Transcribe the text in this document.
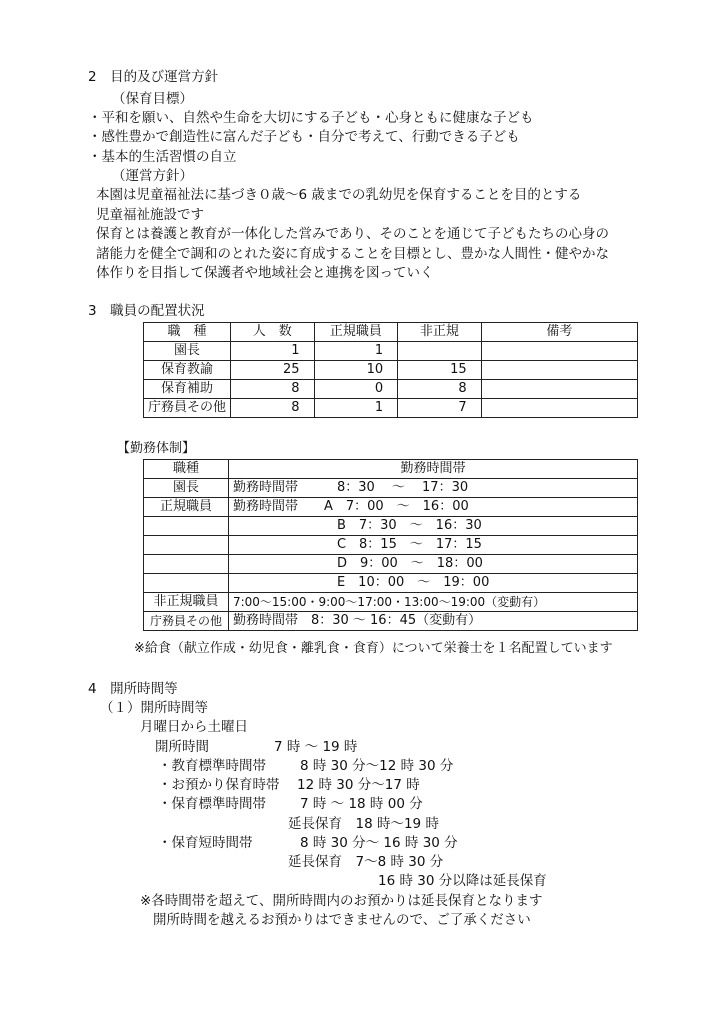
2　目的及び運営方針
（保育目標）
・平和を願い、自然や生命を大切にする子ども・心身ともに健康な子ども
・感性豊かで創造性に富んだ子ども・自分で考えて、行動できる子ども
・基本的生活習慣の自立
（運営方針）
本園は児童福祉法に基づき０歳～6 歳までの乳幼児を保育することを目的とする
児童福祉施設です
保育とは養護と教育が一体化した営みであり、そのことを通じて子どもたちの心身の
諸能力を健全で調和のとれた姿に育成することを目標とし、豊かな人間性・健やかな
体作りを目指して保護者や地域社会と連携を図っていく
3　職員の配置状況
職　種	人　数	正規職員	非正規	備考
園長	1	1		
保育教諭	25	10	15	
保育補助	8	0	8	
庁務員その他	8	1	7	
【勤務体制】
職種	勤務時間帯
園長	勤務時間帯　　　8：30　 ～　 17：30
正規職員	勤務時間帯　　A　7：00　～　16：00
	　　　　　　　　B　7：30　～　16：30
	　　　　　　　　C　8：15　～　17：15
	　　　　　　　　D　9：00　～　18：00
	　　　　　　　　E　10：00　～　19：00
非正規職員	7:00～15:00・9:00～17:00・13:00～19:00（変動有）
庁務員その他	勤務時間帯　8：30 ～ 16：45（変動有）
※給食（献立作成・幼児食・離乳食・食育）について栄養士を１名配置しています
4　開所時間等
（１）開所時間等
月曜日から土曜日
開所時間	7 時 ～ 19 時
・教育標準時間帯	8 時 30 分～12 時 30 分
・お預かり保育時帯 12 時 30 分～17 時
・保育標準時間帯	7 時 ～ 18 時 00 分
延長保育　18 時～19 時
・保育短時間帯	8 時 30 分～ 16 時 30 分
延長保育　7～8 時 30 分
16 時 30 分以降は延長保育
※各時間帯を超えて、開所時間内のお預かりは延長保育となります
開所時間を越えるお預かりはできませんので、ご了承ください
